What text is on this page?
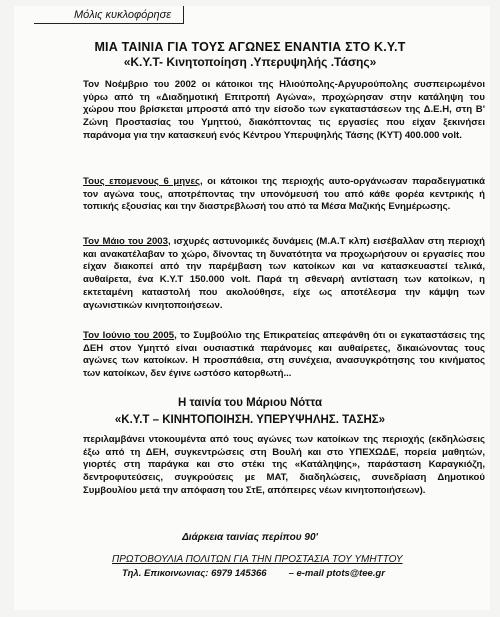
Μόλις κυκλοφόρησε
ΜΙΑ ΤΑΙΝΙΑ ΓΙΑ ΤΟΥΣ ΑΓΩΝΕΣ ΕΝΑΝΤΙΑ ΣΤΟ Κ.Υ.Τ
«Κ.Υ.Τ- Κινητοποίηση .Υπερυψηλής .Τάσης»
Τον Νοέμβριο του 2002 οι κάτοικοι της Ηλιούπολης-Αργυρούπολης συσπειρωμένοι γύρω από τη «Διαδημοτική Επιτροπή Αγώνα», προχώρησαν στην κατάληψη του χώρου που βρίσκεται μπροστά από την είσοδο των εγκαταστάσεων της Δ.Ε.Η, στη Β' Ζώνη Προστασίας του Υμηττού, διακόπτοντας τις εργασίες που είχαν ξεκινήσει παράνομα για την κατασκευή ενός Κέντρου Υπερυψηλής Τάσης (ΚΥΤ) 400.000 volt.
Τους επομενους 6 μηνες, οι κάτοικοι της περιοχής αυτο-οργάνωσαν παραδειγματικά τον αγώνα τους, αποτρέποντας την υπονόμευσή του από κάθε φορέα κεντρικής ή τοπικής εξουσίας και την διαστρεβλωσή του από τα Μέσα Μαζικής Ενημέρωσης.
Τον Μάιο του 2003, ισχυρές αστυνομικές δυνάμεις (Μ.Α.Τ κλπ) εισέβαλλαν στη περιοχή και ανακατέλαβαν το χώρο, δίνοντας τη δυνατότητα να προχωρήσουν οι εργασίες που είχαν διακοπεί από την παρέμβαση των κατοίκων και να κατασκευαστεί τελικά, αυθαίρετα, ένα Κ.Υ.Τ 150.000 volt. Παρά τη σθεναρή αντίσταση των κατοίκων, η εκτεταμένη καταστολή που ακολούθησε, είχε ως αποτέλεσμα την κάμψη των αγωνιστικών κινητοποιήσεων.
Τον Ιούνιο του 2005, το Συμβούλιο της Επικρατείας απεφάνθη ότι οι εγκαταστάσεις της ΔΕΗ στον Υμηττό είναι ουσιαστικά παράνομες και αυθαίρετες, δικαιώνοντας τους αγώνες των κατοίκων. Η προσπάθεια, στη συνέχεια, ανασυγκρότησης του κινήματος των κατοίκων, δεν έγινε ωστόσο κατορθωτή...
Η ταινία του Μάριου Νόττα
«Κ.Υ.Τ – ΚΙΝΗΤΟΠΟΙΗΣΗ. ΥΠΕΡΥΨΗΛΗΣ. ΤΑΣΗΣ»
περιλαμβάνει ντοκουμέντα από τους αγώνες των κατοίκων της περιοχής (εκδηλώσεις έξω από τη ΔΕΗ, συγκεντρώσεις στη Βουλή και στο ΥΠΕΧΩΔΕ, πορεία μαθητών, γιορτές στη παράγκα και στο στέκι της «Κατάληψης», παράσταση Καραγκιόζη, δεντροφυτεύσεις, συγκρούσεις με ΜΑΤ, διαδηλώσεις, συνεδρίαση Δημοτικού Συμβουλίου μετά την απόφαση του ΣτΕ, απόπειρες νέων κινητοποιήσεων).
Διάρκεια ταινίας περίπου 90'
ΠΡΩΤΟΒΟΥΛΙΑ ΠΟΛΙΤΩΝ ΓΙΑ ΤΗΝ ΠΡΟΣΤΑΣΙΑ ΤΟΥ ΥΜΗΤΤΟΥ
Τηλ. Επικοινωνιας: 6979 145366 – e-mail ptots@tee.gr
